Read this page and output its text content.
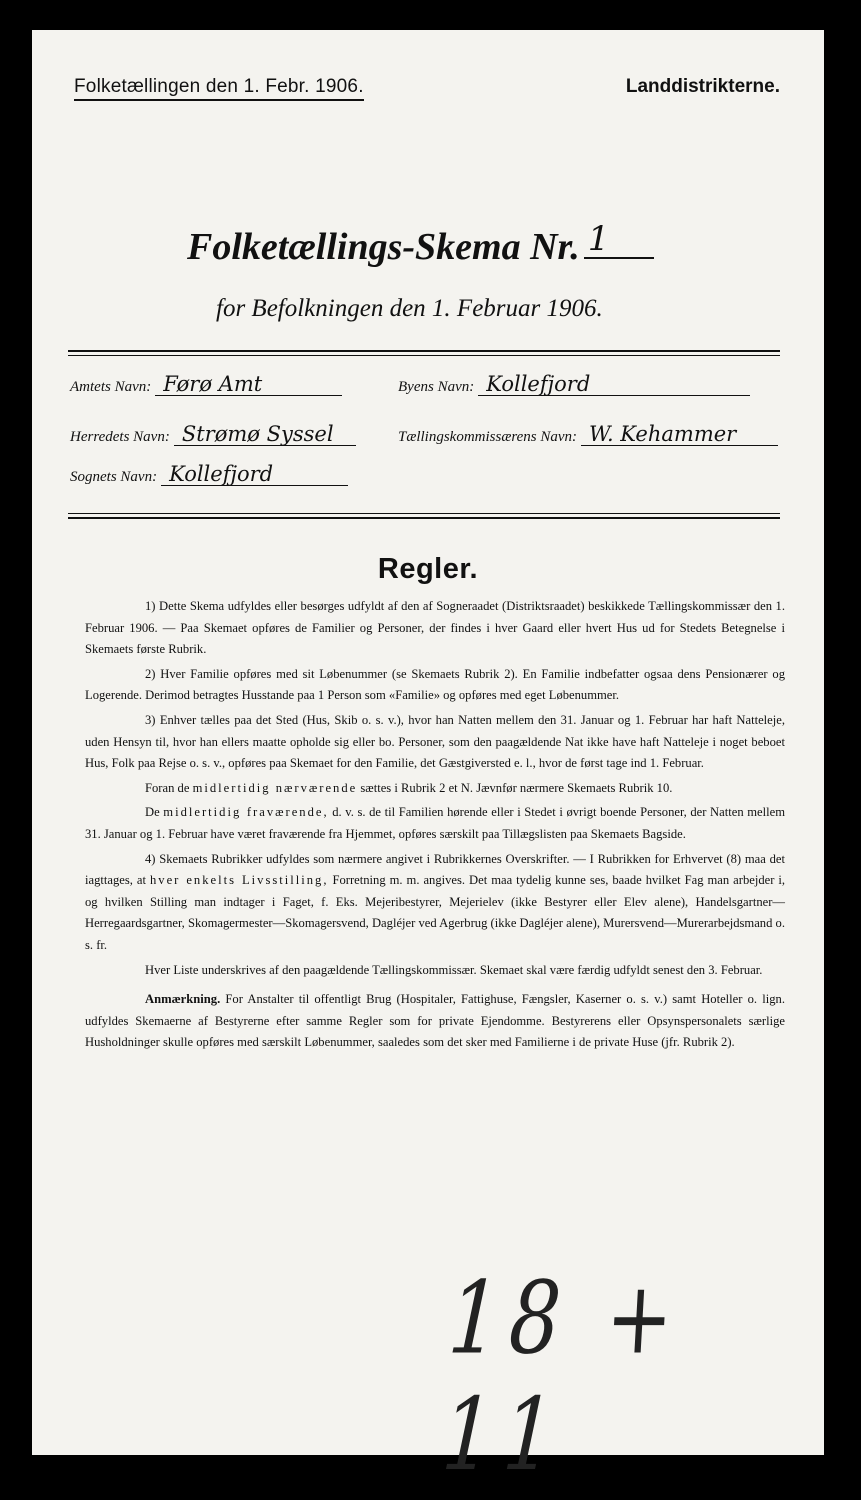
Folketællingen den 1. Febr. 1906.	Landdistrikterne.
Folketællings-Skema Nr. 1
for Befolkningen den 1. Februar 1906.
Amtets Navn: Førø Amt	Byens Navn: Kollefjord
Herredets Navn: Strømø Syssel	Tællingskommissærens Navn: W. Kehammer
Sognets Navn: Kollefjord
Regler.

1) Dette Skema udfyldes eller besørges udfyldt af den af Sogneraadet (Distriktsraadet) beskikkede Tællingskommissær den 1. Februar 1906. — Paa Skemaet opføres de Familier og Personer, der findes i hver Gaard eller hvert Hus ud for Stedets Betegnelse i Skemaets første Rubrik.

2) Hver Familie opføres med sit Løbenummer (se Skemaets Rubrik 2). En Familie indbefatter ogsaa dens Pensionærer og Logerende. Derimod betragtes Husstande paa 1 Person som «Familie» og opføres med eget Løbenummer.

3) Enhver tælles paa det Sted (Hus, Skib o. s. v.), hvor han Natten mellem den 31. Januar og 1. Februar har haft Natteleje, uden Hensyn til, hvor han ellers maatte opholde sig eller bo. Personer, som den paagældende Nat ikke have haft Natteleje i noget beboet Hus, Folk paa Rejse o. s. v., opføres paa Skemaet for den Familie, det Gæstgiversted e. l., hvor de først tage ind 1. Februar.

Foran de midlertidig nærværende sættes i Rubrik 2 et N. Jævnfør nærmere Skemaets Rubrik 10.

De midlertidig fraværende, d. v. s. de til Familien hørende eller i Stedet i øvrigt boende Personer, der Natten mellem 31. Januar og 1. Februar have været fraværende fra Hjemmet, opføres særskilt paa Tillægslisten paa Skemaets Bagside.

4) Skemaets Rubrikker udfyldes som nærmere angivet i Rubrikkernes Overskrifter. — I Rubrikken for Erhvervet (8) maa det iagttages, at hver enkelts Livsstilling, Forretning m. m. angives. Det maa tydelig kunne ses, baade hvilket Fag man arbejder i, og hvilken Stilling man indtager i Faget, f. Eks. Mejeribestyrer, Mejerielev (ikke Bestyrer eller Elev alene), Handelsgartner—Herregaardsgartner, Skomagermester—Skomagersvend, Dagléjer ved Agerbrug (ikke Dagléjer alene), Murersvend—Murerarbejdsmand o. s. fr.

Hver Liste underskrives af den paagældende Tællingskommissær. Skemaet skal være færdig udfyldt senest den 3. Februar.

Anmærkning. For Anstalter til offentligt Brug (Hospitaler, Fattighuse, Fængsler, Kaserner o. s. v.) samt Hoteller o. lign. udfyldes Skemaerne af Bestyrerne efter samme Regler som for private Ejendomme. Bestyrerens eller Opsynspersonalets særlige Husholdninger skulle opføres med særskilt Løbenummer, saaledes som det sker med Familierne i de private Huse (jfr. Rubrik 2).

18 + 11
